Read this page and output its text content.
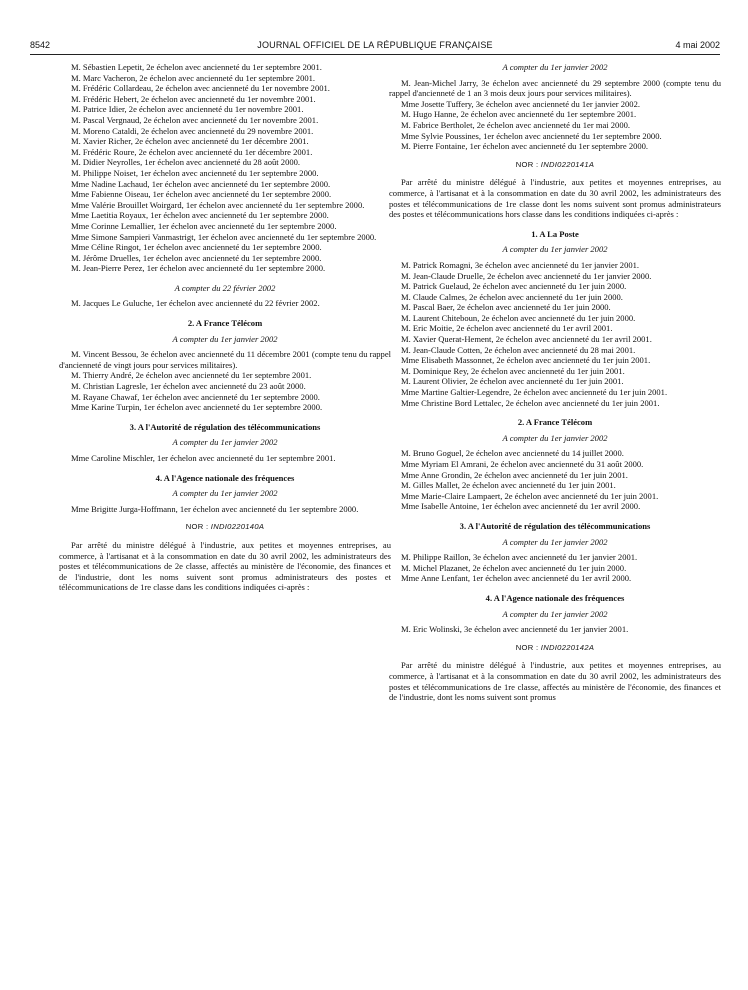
8542	JOURNAL OFFICIEL DE LA RÉPUBLIQUE FRANÇAISE	4 mai 2002

M. Sébastien Lepetit, 2e échelon avec ancienneté du 1er septembre 2001.

M. Marc Vacheron, 2e échelon avec ancienneté du 1er septembre 2001.

M. Frédéric Collardeau, 2e échelon avec ancienneté du 1er novembre 2001.

M. Frédéric Hebert, 2e échelon avec ancienneté du 1er novembre 2001.

M. Patrice Idier, 2e échelon avec ancienneté du 1er novembre 2001.

M. Pascal Vergnaud, 2e échelon avec ancienneté du 1er novembre 2001.

M. Moreno Cataldi, 2e échelon avec ancienneté du 29 novembre 2001.

M. Xavier Richer, 2e échelon avec ancienneté du 1er décembre 2001.

M. Frédéric Roure, 2e échelon avec ancienneté du 1er décembre 2001.

M. Didier Neyrolles, 1er échelon avec ancienneté du 28 août 2000.

M. Philippe Noiset, 1er échelon avec ancienneté du 1er septembre 2000.

Mme Nadine Lachaud, 1er échelon avec ancienneté du 1er septembre 2000.

Mme Fabienne Oiseau, 1er échelon avec ancienneté du 1er septembre 2000.

Mme Valérie Brouillet Woirgard, 1er échelon avec ancienneté du 1er septembre 2000.

Mme Laetitia Royaux, 1er échelon avec ancienneté du 1er septembre 2000.

Mme Corinne Lemallier, 1er échelon avec ancienneté du 1er septembre 2000.

Mme Simone Sampieri Vanmastrigt, 1er échelon avec ancienneté du 1er septembre 2000.

Mme Céline Ringot, 1er échelon avec ancienneté du 1er septembre 2000.

M. Jérôme Druelles, 1er échelon avec ancienneté du 1er septembre 2000.

M. Jean-Pierre Perez, 1er échelon avec ancienneté du 1er septembre 2000.

A compter du 22 février 2002

M. Jacques Le Guluche, 1er échelon avec ancienneté du 22 février 2002.

2. A France Télécom
A compter du 1er janvier 2002

M. Vincent Bessou, 3e échelon avec ancienneté du 11 décembre 2001 (compte tenu du rappel d'ancienneté de vingt jours pour services militaires).

M. Thierry André, 2e échelon avec ancienneté du 1er septembre 2001.

M. Christian Lagresle, 1er échelon avec ancienneté du 23 août 2000.

M. Rayane Chawaf, 1er échelon avec ancienneté du 1er septembre 2000.

Mme Karine Turpin, 1er échelon avec ancienneté du 1er septembre 2000.

3. A l'Autorité de régulation des télécommunications
A compter du 1er janvier 2002

Mme Caroline Mischler, 1er échelon avec ancienneté du 1er septembre 2001.

4. A l'Agence nationale des fréquences
A compter du 1er janvier 2002

Mme Brigitte Jurga-Hoffmann, 1er échelon avec ancienneté du 1er septembre 2000.

NOR : INDI0220140A

Par arrêté du ministre délégué à l'industrie, aux petites et moyennes entreprises, au commerce, à l'artisanat et à la consommation en date du 30 avril 2002, les administrateurs des postes et télécommunications de 2e classe, affectés au ministère de l'économie, des finances et de l'industrie, dont les noms suivent sont promus administrateurs des postes et télécommunications de 1re classe dans les conditions indiquées ci-après :

A compter du 1er janvier 2002

M. Jean-Michel Jarry, 3e échelon avec ancienneté du 29 septembre 2000 (compte tenu du rappel d'ancienneté de 1 an 3 mois deux jours pour services militaires).

Mme Josette Tuffery, 3e échelon avec ancienneté du 1er janvier 2002.

M. Hugo Hanne, 2e échelon avec ancienneté du 1er septembre 2001.

M. Fabrice Bertholet, 2e échelon avec ancienneté du 1er mai 2000.

Mme Sylvie Poussines, 1er échelon avec ancienneté du 1er septembre 2000.

M. Pierre Fontaine, 1er échelon avec ancienneté du 1er septembre 2000.

NOR : INDI0220141A

Par arrêté du ministre délégué à l'industrie, aux petites et moyennes entreprises, au commerce, à l'artisanat et à la consommation en date du 30 avril 2002, les administrateurs des postes et télécommunications de 1re classe dont les noms suivent sont promus administrateurs des postes et télécommunications hors classe dans les conditions indiquées ci-après :

1. A La Poste
A compter du 1er janvier 2002

M. Patrick Romagni, 3e échelon avec ancienneté du 1er janvier 2001.

M. Jean-Claude Druelle, 2e échelon avec ancienneté du 1er janvier 2000.

M. Patrick Guelaud, 2e échelon avec ancienneté du 1er juin 2000.

M. Claude Calmes, 2e échelon avec ancienneté du 1er juin 2000.

M. Pascal Baer, 2e échelon avec ancienneté du 1er juin 2000.

M. Laurent Chiteboun, 2e échelon avec ancienneté du 1er juin 2000.

M. Eric Moitie, 2e échelon avec ancienneté du 1er avril 2001.

M. Xavier Querat-Hement, 2e échelon avec ancienneté du 1er avril 2001.

M. Jean-Claude Cotten, 2e échelon avec ancienneté du 28 mai 2001.

Mme Elisabeth Massonnet, 2e échelon avec ancienneté du 1er juin 2001.

M. Dominique Rey, 2e échelon avec ancienneté du 1er juin 2001.

M. Laurent Olivier, 2e échelon avec ancienneté du 1er juin 2001.

Mme Martine Galtier-Legendre, 2e échelon avec ancienneté du 1er juin 2001.

Mme Christine Bord Lettalec, 2e échelon avec ancienneté du 1er juin 2001.

2. A France Télécom
A compter du 1er janvier 2002

M. Bruno Goguel, 2e échelon avec ancienneté du 14 juillet 2000.

Mme Myriam El Amrani, 2e échelon avec ancienneté du 31 août 2000.

Mme Anne Grondin, 2e échelon avec ancienneté du 1er juin 2001.

M. Gilles Mallet, 2e échelon avec ancienneté du 1er juin 2001.

Mme Marie-Claire Lampaert, 2e échelon avec ancienneté du 1er juin 2001.

Mme Isabelle Antoine, 1er échelon avec ancienneté du 1er avril 2000.

3. A l'Autorité de régulation des télécommunications
A compter du 1er janvier 2002

M. Philippe Raillon, 3e échelon avec ancienneté du 1er janvier 2001.

M. Michel Plazanet, 2e échelon avec ancienneté du 1er juin 2000.

Mme Anne Lenfant, 1er échelon avec ancienneté du 1er avril 2000.

4. A l'Agence nationale des fréquences
A compter du 1er janvier 2002

M. Eric Wolinski, 3e échelon avec ancienneté du 1er janvier 2001.

NOR : INDI0220142A

Par arrêté du ministre délégué à l'industrie, aux petites et moyennes entreprises, au commerce, à l'artisanat et à la consommation en date du 30 avril 2002, les administrateurs des postes et télécommunications de 1re classe, affectés au ministère de l'économie, des finances et de l'industrie, dont les noms suivent sont promus
